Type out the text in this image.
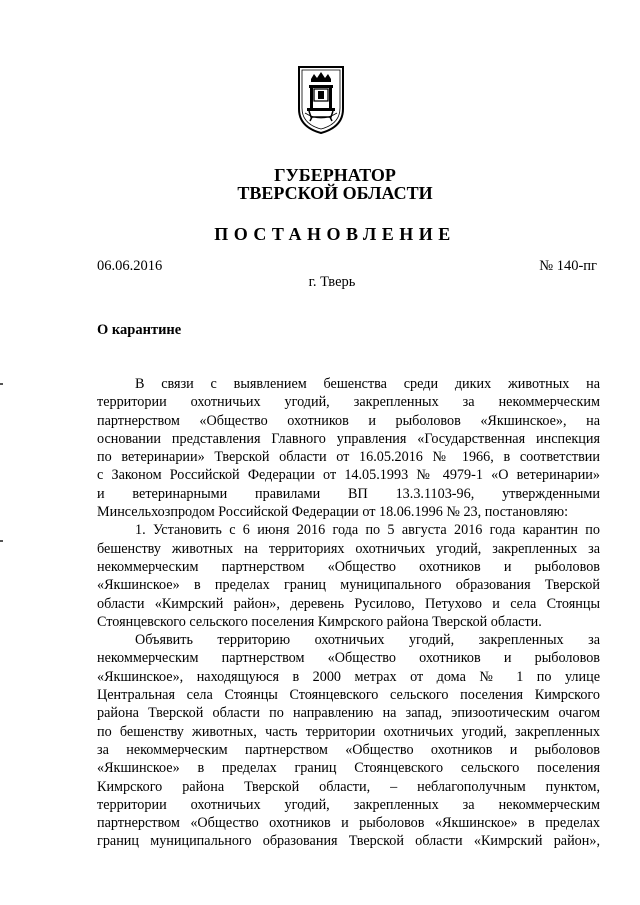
ГУБЕРНАТОР
ТВЕРСКОЙ ОБЛАСТИ
ПОСТАНОВЛЕНИЕ
06.06.2016	№ 140-пг
г. Тверь
О карантине

В связи с выявлением бешенства среди диких животных на

территории охотничьих угодий, закрепленных за некоммерческим
партнерством «Общество охотников и рыболовов «Якшинское», на
основании представления Главного управления «Государственная инспекция
по ветеринарии» Тверской области от 16.05.2016 № 1966, в соответствии
с Законом Российской Федерации от 14.05.1993 № 4979-1 «О ветеринарии»
и ветеринарными правилами ВП 13.3.1103-96, утвержденными
Минсельхозпродом Российской Федерации от 18.06.1996 № 23, постановляю:

1. Установить с 6 июня 2016 года по 5 августа 2016 года карантин по

бешенству животных на территориях охотничьих угодий, закрепленных за
некоммерческим партнерством «Общество охотников и рыболовов
«Якшинское» в пределах границ муниципального образования Тверской
области «Кимрский район», деревень Русилово, Петухово и села Стоянцы
Стоянцевского сельского поселения Кимрского района Тверской области.

Объявить территорию охотничьих угодий, закрепленных за

некоммерческим партнерством «Общество охотников и рыболовов
«Якшинское», находящуюся в 2000 метрах от дома № 1 по улице
Центральная села Стоянцы Стоянцевского сельского поселения Кимрского
района Тверской области по направлению на запад, эпизоотическим очагом
по бешенству животных, часть территории охотничьих угодий, закрепленных
за некоммерческим партнерством «Общество охотников и рыболовов
«Якшинское» в пределах границ Стоянцевского сельского поселения
Кимрского района Тверской области, – неблагополучным пунктом,
территории охотничьих угодий, закрепленных за некоммерческим
партнерством «Общество охотников и рыболовов «Якшинское» в пределах
границ муниципального образования Тверской области «Кимрский район»,
